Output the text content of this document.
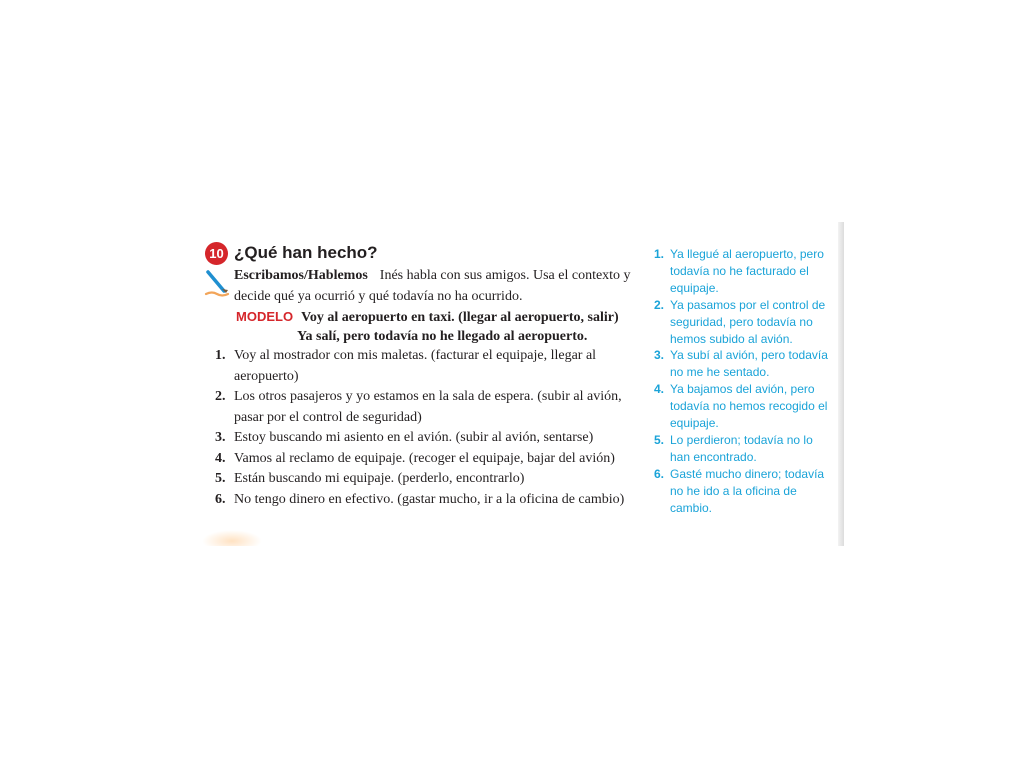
10 ¿Qué han hecho?
Escribamos/Hablemos Inés habla con sus amigos. Usa el contexto y decide qué ya ocurrió y qué todavía no ha ocurrido.
MODELO Voy al aeropuerto en taxi. (llegar al aeropuerto, salir)
Ya salí, pero todavía no he llegado al aeropuerto.
1. Voy al mostrador con mis maletas. (facturar el equipaje, llegar al aeropuerto)
2. Los otros pasajeros y yo estamos en la sala de espera. (subir al avión, pasar por el control de seguridad)
3. Estoy buscando mi asiento en el avión. (subir al avión, sentarse)
4. Vamos al reclamo de equipaje. (recoger el equipaje, bajar del avión)
5. Están buscando mi equipaje. (perderlo, encontrarlo)
6. No tengo dinero en efectivo. (gastar mucho, ir a la oficina de cambio)
1. Ya llegué al aeropuerto, pero todavía no he facturado el equipaje.
2. Ya pasamos por el control de seguridad, pero todavía no hemos subido al avión.
3. Ya subí al avión, pero todavía no me he sentado.
4. Ya bajamos del avión, pero todavía no hemos recogido el equipaje.
5. Lo perdieron; todavía no lo han encontrado.
6. Gasté mucho dinero; todavía no he ido a la oficina de cambio.
